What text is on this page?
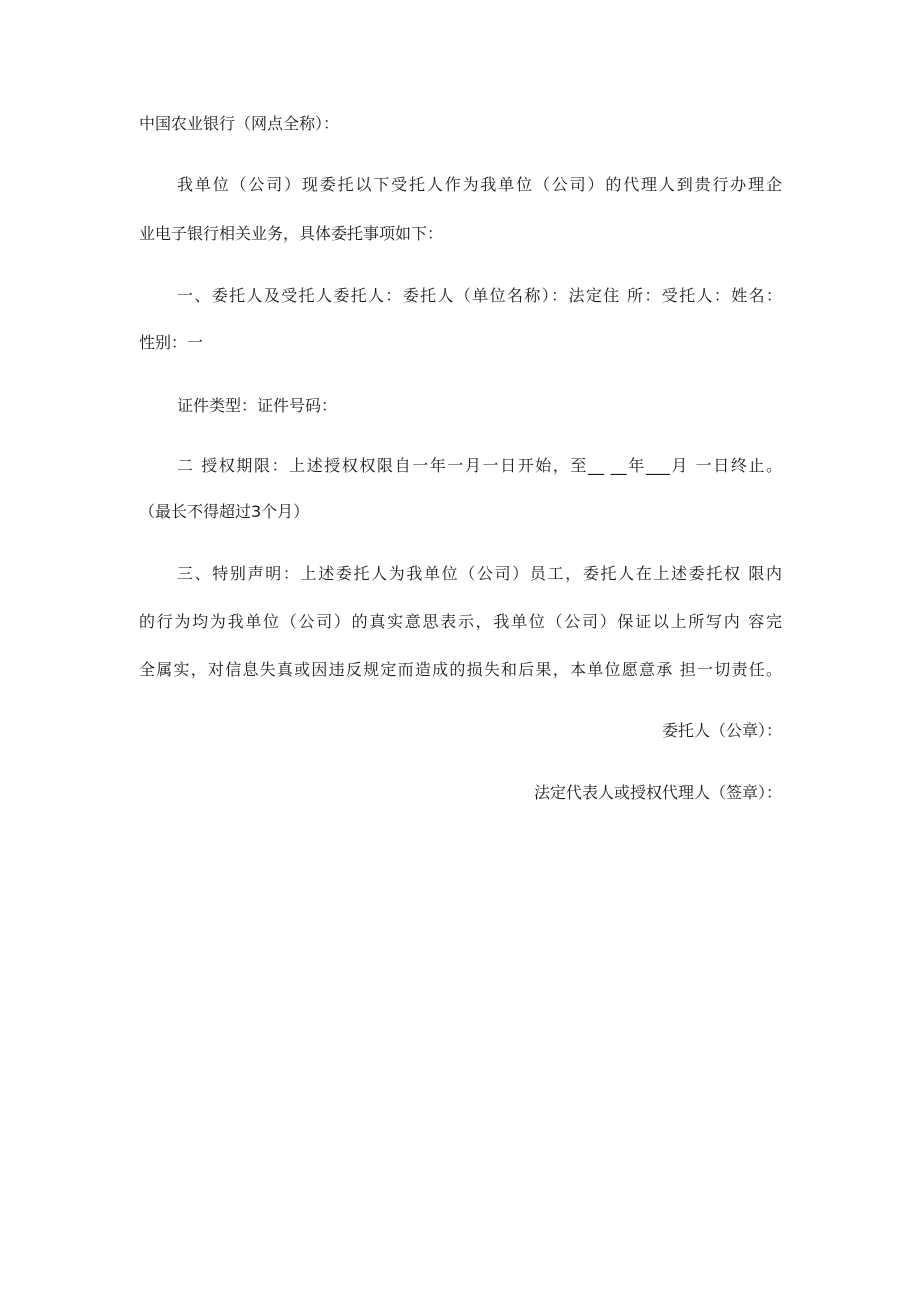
中国农业银行（网点全称）：
我单位（公司）现委托以下受托人作为我单位（公司）的代理人到贵行办理企
业电子银行相关业务，具体委托事项如下：
一、委托人及受托人委托人：委托人（单位名称）：法定住 所：受托人：姓名：
性别：一
证件类型：证件号码：
二 授权期限：上述授权权限自一年一月一日开始，至__ __年___月 一日终止。
（最长不得超过3个月）
三、特别声明：上述委托人为我单位（公司）员工，委托人在上述委托权 限内
的行为均为我单位（公司）的真实意思表示，我单位（公司）保证以上所写内 容完
全属实，对信息失真或因违反规定而造成的损失和后果，本单位愿意承 担一切责任。
委托人（公章）：
法定代表人或授权代理人（签章）：
